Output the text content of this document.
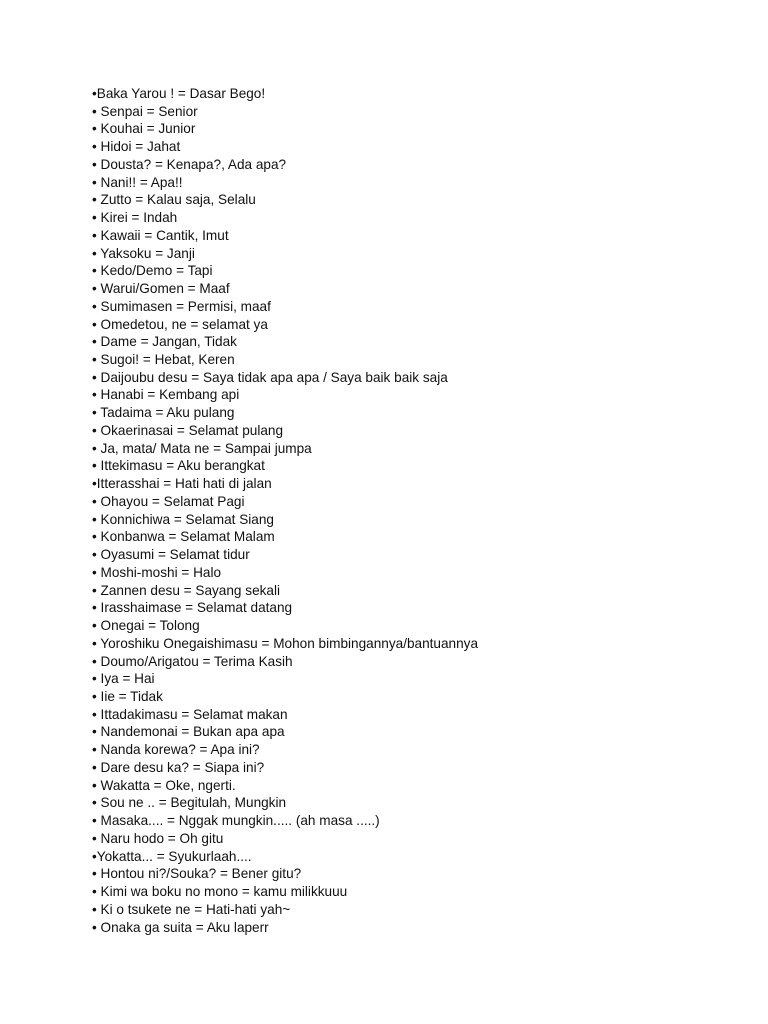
•Baka Yarou ! = Dasar Bego!
• Senpai = Senior
• Kouhai = Junior
• Hidoi = Jahat
• Dousta? = Kenapa?, Ada apa?
• Nani!! = Apa!!
• Zutto = Kalau saja, Selalu
• Kirei = Indah
• Kawaii = Cantik, Imut
• Yaksoku = Janji
• Kedo/Demo = Tapi
• Warui/Gomen = Maaf
• Sumimasen = Permisi, maaf
• Omedetou, ne = selamat ya
• Dame = Jangan, Tidak
• Sugoi! = Hebat, Keren
• Daijoubu desu = Saya tidak apa apa / Saya baik baik saja
• Hanabi = Kembang api
• Tadaima = Aku pulang
• Okaerinasai = Selamat pulang
• Ja, mata/ Mata ne = Sampai jumpa
• Ittekimasu = Aku berangkat
•Itterasshai = Hati hati di jalan
• Ohayou = Selamat Pagi
• Konnichiwa = Selamat Siang
• Konbanwa = Selamat Malam
• Oyasumi = Selamat tidur
• Moshi-moshi = Halo
• Zannen desu = Sayang sekali
• Irasshaimase = Selamat datang
• Onegai = Tolong
• Yoroshiku Onegaishimasu = Mohon bimbingannya/bantuannya
• Doumo/Arigatou = Terima Kasih
• Iya = Hai
• Iie = Tidak
• Ittadakimasu = Selamat makan
• Nandemonai = Bukan apa apa
• Nanda korewa? = Apa ini?
• Dare desu ka? = Siapa ini?
• Wakatta = Oke, ngerti.
• Sou ne .. = Begitulah, Mungkin
• Masaka.... = Nggak mungkin..... (ah masa .....)
• Naru hodo = Oh gitu
•Yokatta... = Syukurlaah....
• Hontou ni?/Souka? = Bener gitu?
• Kimi wa boku no mono = kamu milikkuuu
• Ki o tsukete ne = Hati-hati yah~
• Onaka ga suita = Aku laperr
